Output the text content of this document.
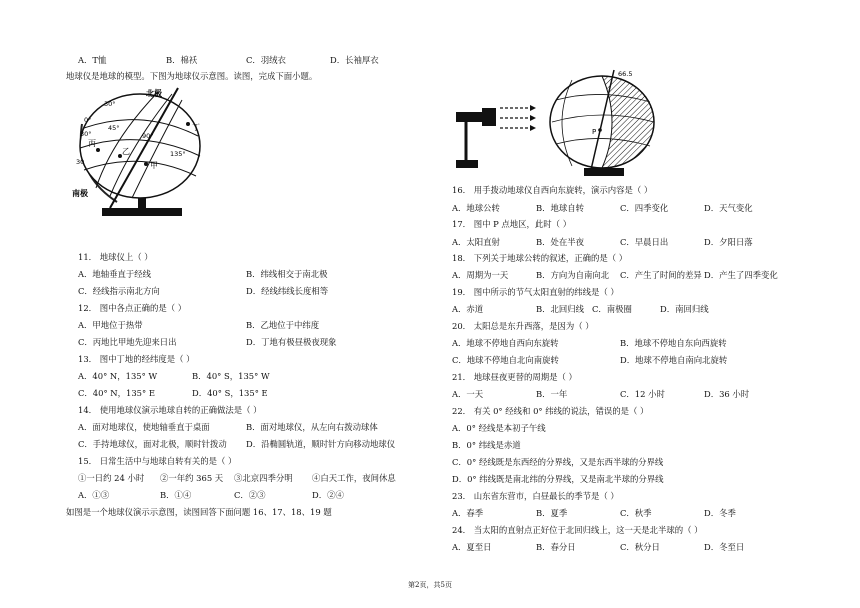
A．T恤	B．棉袄	C．羽绒衣	D．长袖厚衣
地球仪是地球的模型。下图为地球仪示意图。读图，完成下面小题。
北极
南极
丁
丙
乙
甲
45°
90°
135°
30°
0°
30°
30
11． 地球仪上（ ）
A．地轴垂直于经线	B．纬线相交于南北极
C．经线指示南北方向	D．经线纬线长度相等
12． 图中各点正确的是（ ）
A．甲地位于热带	B．乙地位于中纬度
C．丙地比甲地先迎来日出	D．丁地有极昼极夜现象
13． 图中丁地的经纬度是（ ）
A．40° N，135° W	B．40° S，135° W
C．40° N，135° E	D．40° S，135° E
14． 使用地球仪演示地球自转的正确做法是（ ）
A．面对地球仪，使地轴垂直于桌面	B．面对地球仪，从左向右拨动球体
C．手持地球仪，面对北极，顺时针拨动 D．沿椭圆轨道，顺时针方向移动地球仪
15． 日常生活中与地球自转有关的是（ ）
①一日约 24 小时 ②一年约 365 天 ③北京四季分明 ④白天工作，夜间休息
A．①③	B．①④	C．②③	D．②④
如图是一个地球仪演示示意图，读图回答下面问题 16、17、18、19 题
P
66.5
16． 用手拨动地球仪自西向东旋转，演示内容是（ ）
A．地球公转	B．地球自转	C．四季变化	D．天气变化
17． 图中 P 点地区，此时（ ）
A．太阳直射	B．处在半夜	C．早晨日出	D．夕阳日落
18． 下列关于地球公转的叙述，正确的是（ ）
A．周期为一天	B．方向为自南向北 C．产生了时间的差异 D．产生了四季变化
19． 图中所示的节气太阳直射的纬线是（ ）
A．赤道	B．北回归线 C．南极圈	D．南回归线
20． 太阳总是东升西落，是因为（ ）
A．地球不停地自西向东旋转	B．地球不停地自东向西旋转
C．地球不停地自北向南旋转	D．地球不停地自南向北旋转
21． 地球昼夜更替的周期是（ ）
A．一天	B．一年	C．12 小时	D．36 小时
22． 有关 0° 经线和 0° 纬线的说法，错误的是（ ）
A．0° 经线是本初子午线
B．0° 纬线是赤道
C．0° 经线既是东西经的分界线，又是东西半球的分界线
D．0° 纬线既是南北纬的分界线，又是南北半球的分界线
23． 山东省东营市，白昼最长的季节是（ ）
A．春季	B．夏季	C．秋季	D．冬季
24． 当太阳的直射点正好位于北回归线上，这一天是北半球的（ ）
A．夏至日	B．春分日	C．秋分日	D．冬至日
第2页，共5页
